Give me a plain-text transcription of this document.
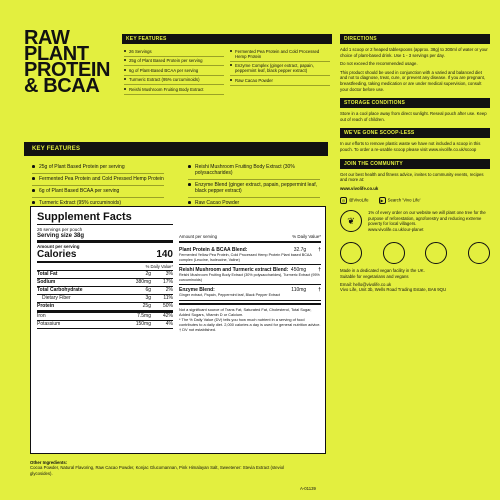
RAW
PLANT
PROTEIN
& BCAA
KEY FEATURES
26 Servings
25g of Plant Based Protein per serving
6g of Plant-Based BCAA per serving
Turmeric Extract (95% curcuminoids)
Reishi Mushroom Fruiting Body Extract
Fermented Pea Protein and Cold Processed Hemp Protein
Enzyme Complex (ginger extract, papain, peppermint leaf, black pepper extract)
Raw Cacao Powder
DIRECTIONS

Add 1 scoop or 2 heaped tablespoons (approx. 38g) to 300ml of water or your choice of plant-based drink. Use 1 - 3 servings per day.

Do not exceed the recommended usage.

This product should be used in conjunction with a varied and balanced diet and not to diagnose, treat, cure, or prevent any disease. If you are pregnant, breastfeeding, taking medication or are under medical supervision, consult your doctor before use.

STORAGE CONDITIONS
Store in a cool place away from direct sunlight. Reseal pouch after use. Keep out of reach of children.
WE'VE GONE SCOOP-LESS
In our efforts to remove plastic waste we have not included a scoop in this pouch. To order a re-usable scoop please visit www.vivolife.co.uk/scoop
JOIN THE COMMUNITY

Get our best health and fitness advice, invites to community events, recipes and more at:

www.vivolife.co.uk

◎ @VivoLife	▶ Search 'Vivo Life'
❦

1% of every order on our website we will plant one tree for the purpose of reforestation, agroforestry and reducing extreme poverty for local villagers.

www.vivolife.co.uk/our-planet

Made in a dedicated vegan facility in the UK.

Suitable for vegetarians and vegans

Email: hello@vivolife.co.uk

Vivo Life, Unit 3b, Wells Road Trading Estate, BA6 9QU

KEY FEATURES
25g of Plant Based Protein per serving
Fermented Pea Protein and Cold Pressed Hemp Protein
6g of Plant Based BCAA per serving
Turmeric Extract (95% curcuminoids)
Reishi Mushroom Fruiting Body Extract (30% polysaccharides)
Enzyme Blend (ginger extract, papain, peppermint leaf, black pepper extract)
Raw Cacao Powder
Supplement Facts
26 servings per pouch
Serving size 38g
Amount per serving
Calories	140
% Daily Value*
Total Fat	2g	3%
Sodium	380mg	17%
Total Carbohydrate	6g	2%
Dietary Fiber	3g	11%
Protein	25g	50%
Iron	7.5mg	42%
Potassium	150mg	4%
Amount per serving	% Daily Value*
Plant Protein & BCAA Blend:	32.7g †
Fermented Yellow Pea Protein, Cold Processed Hemp Protein Plant based BCAA complex (Leucine, Isoleucine, Valine)
Reishi Mushroom and Turmeric extract Blend: 450mg †
Reishi Mushroom Fruiting Body Extract (30% polysaccharides), Turmeric Extract (95% curcuminoids)
Enzyme Blend:	110mg †
Ginger extract, Papain, Peppermint leaf, Black Pepper Extract

Not a significant source of Trans Fat, Saturated Fat, Cholesterol, Total Sugar, Added Sugars, Vitamin D or Calcium.

* The % Daily Value (DV) tells you how much nutrient in a serving of food contributes to a daily diet. 2,000 calories a day is used for general nutrition advice. † DV not established.

Other Ingredients:

Cocoa Powder, Natural Flavoring, Raw Cacao Powder, Konjac Glucomannan, Pink Himalayan Salt, Sweetener: Stevia Extract (steviol glycosides).

A-01139
